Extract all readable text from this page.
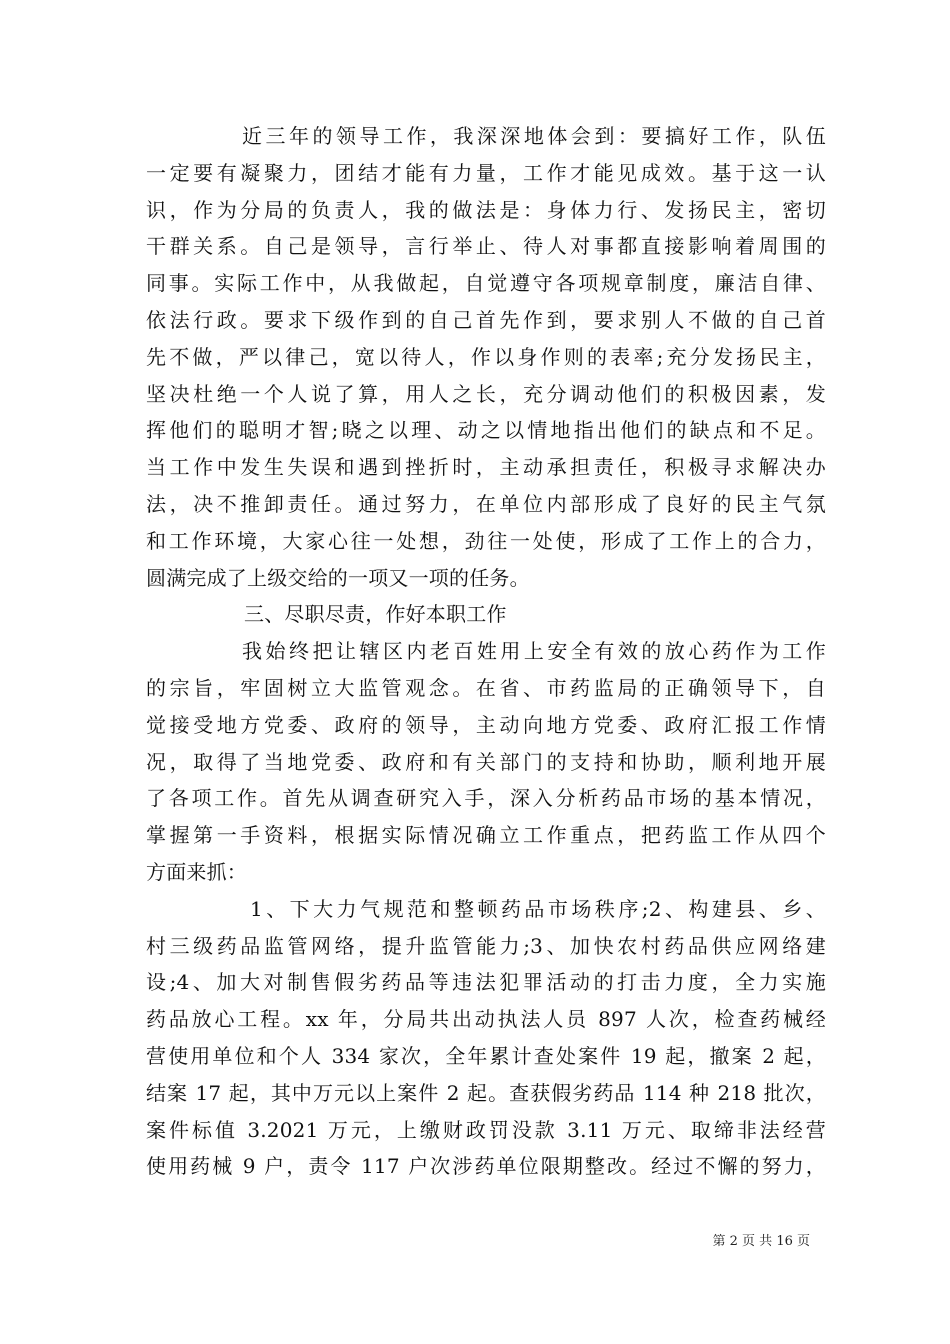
近三年的领导工作，我深深地体会到：要搞好工作，队伍
一定要有凝聚力，团结才能有力量，工作才能见成效。基于这一认
识，作为分局的负责人，我的做法是：身体力行、发扬民主，密切
干群关系。自己是领导，言行举止、待人对事都直接影响着周围的
同事。实际工作中，从我做起，自觉遵守各项规章制度，廉洁自律、
依法行政。要求下级作到的自己首先作到，要求别人不做的自己首
先不做，严以律己，宽以待人，作以身作则的表率;充分发扬民主，
坚决杜绝一个人说了算，用人之长，充分调动他们的积极因素，发
挥他们的聪明才智;晓之以理、动之以情地指出他们的缺点和不足。
当工作中发生失误和遇到挫折时，主动承担责任，积极寻求解决办
法，决不推卸责任。通过努力，在单位内部形成了良好的民主气氛
和工作环境，大家心往一处想，劲往一处使，形成了工作上的合力，
圆满完成了上级交给的一项又一项的任务。
三、尽职尽责，作好本职工作
我始终把让辖区内老百姓用上安全有效的放心药作为工作
的宗旨，牢固树立大监管观念。在省、市药监局的正确领导下，自
觉接受地方党委、政府的领导，主动向地方党委、政府汇报工作情
况，取得了当地党委、政府和有关部门的支持和协助，顺利地开展
了各项工作。首先从调查研究入手，深入分析药品市场的基本情况，
掌握第一手资料，根据实际情况确立工作重点，把药监工作从四个
方面来抓：
1、下大力气规范和整顿药品市场秩序;2、构建县、乡、
村三级药品监管网络，提升监管能力;3、加快农村药品供应网络建
设;4、加大对制售假劣药品等违法犯罪活动的打击力度，全力实施
药品放心工程。xx 年，分局共出动执法人员 897 人次，检查药械经
营使用单位和个人 334 家次，全年累计查处案件 19 起，撤案 2 起，
结案 17 起，其中万元以上案件 2 起。查获假劣药品 114 种 218 批次，
案件标值 3.2021 万元，上缴财政罚没款 3.11 万元、取缔非法经营
使用药械 9 户，责令 117 户次涉药单位限期整改。经过不懈的努力，
第 2 页 共 16 页
